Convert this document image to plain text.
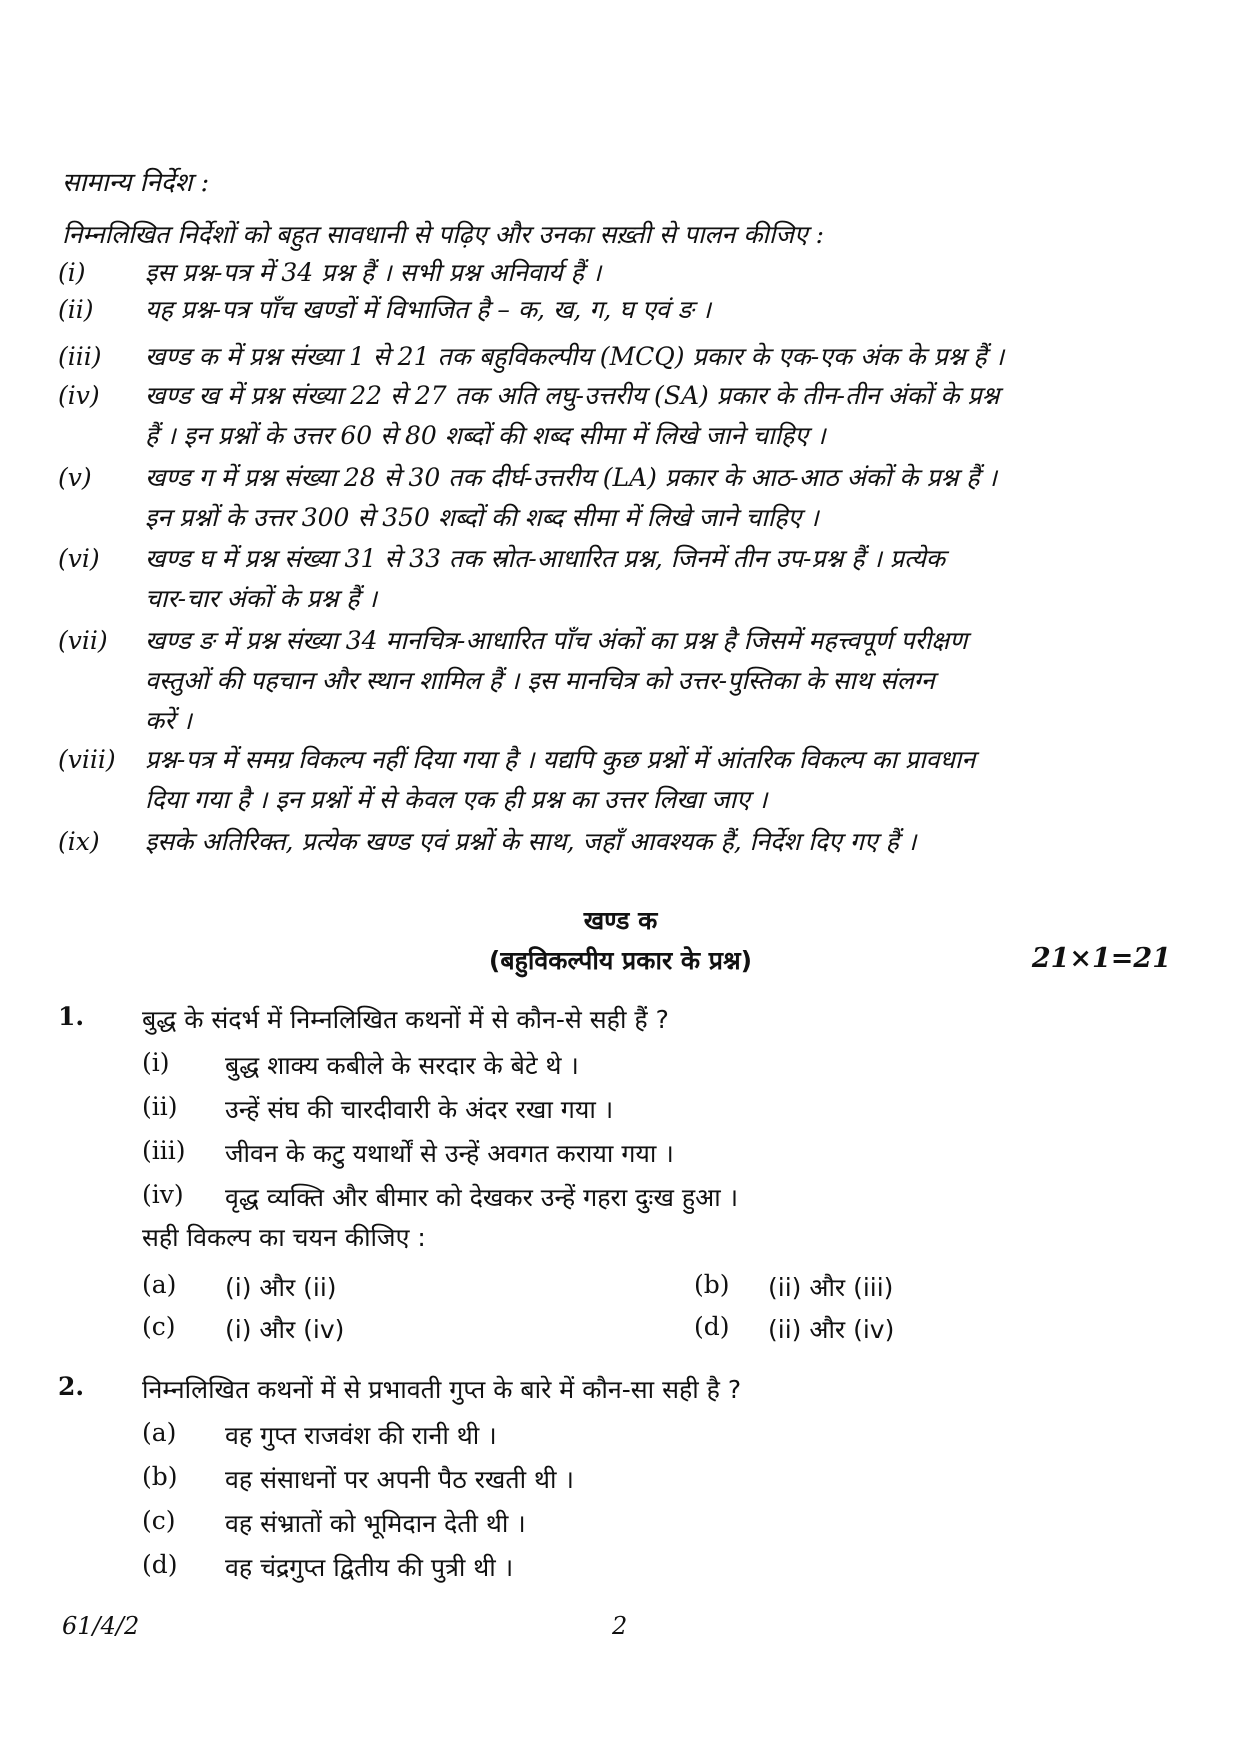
सामान्य निर्देश :
निम्नलिखित निर्देशों को बहुत सावधानी से पढ़िए और उनका सख़्ती से पालन कीजिए :
(i) इस प्रश्न-पत्र में 34 प्रश्न हैं । सभी प्रश्न अनिवार्य हैं ।
(ii) यह प्रश्न-पत्र पाँच खण्डों में विभाजित है – क, ख, ग, घ एवं ङ ।
(iii) खण्ड क में प्रश्न संख्या 1 से 21 तक बहुविकल्पीय (MCQ) प्रकार के एक-एक अंक के प्रश्न हैं ।
(iv) खण्ड ख में प्रश्न संख्या 22 से 27 तक अति लघु-उत्तरीय (SA) प्रकार के तीन-तीन अंकों के प्रश्न
हैं । इन प्रश्नों के उत्तर 60 से 80 शब्दों की शब्द सीमा में लिखे जाने चाहिए ।
(v) खण्ड ग में प्रश्न संख्या 28 से 30 तक दीर्घ-उत्तरीय (LA) प्रकार के आठ-आठ अंकों के प्रश्न हैं ।
इन प्रश्नों के उत्तर 300 से 350 शब्दों की शब्द सीमा में लिखे जाने चाहिए ।
(vi) खण्ड घ में प्रश्न संख्या 31 से 33 तक स्रोत-आधारित प्रश्न, जिनमें तीन उप-प्रश्न हैं । प्रत्येक
चार-चार अंकों के प्रश्न हैं ।
(vii) खण्ड ङ में प्रश्न संख्या 34 मानचित्र-आधारित पाँच अंकों का प्रश्न है जिसमें महत्त्वपूर्ण परीक्षण
वस्तुओं की पहचान और स्थान शामिल हैं । इस मानचित्र को उत्तर-पुस्तिका के साथ संलग्न
करें ।
(viii) प्रश्न-पत्र में समग्र विकल्प नहीं दिया गया है । यद्यपि कुछ प्रश्नों में आंतरिक विकल्प का प्रावधान
दिया गया है । इन प्रश्नों में से केवल एक ही प्रश्न का उत्तर लिखा जाए ।
(ix) इसके अतिरिक्त, प्रत्येक खण्ड एवं प्रश्नों के साथ, जहाँ आवश्यक हैं, निर्देश दिए गए हैं ।
खण्ड क
(बहुविकल्पीय प्रकार के प्रश्न)	21×1=21
1. बुद्ध के संदर्भ में निम्नलिखित कथनों में से कौन-से सही हैं ?
(i) बुद्ध शाक्य कबीले के सरदार के बेटे थे ।
(ii) उन्हें संघ की चारदीवारी के अंदर रखा गया ।
(iii) जीवन के कटु यथार्थों से उन्हें अवगत कराया गया ।
(iv) वृद्ध व्यक्ति और बीमार को देखकर उन्हें गहरा दुःख हुआ ।
सही विकल्प का चयन कीजिए :
(a) (i) और (ii)	(b) (ii) और (iii)
(c) (i) और (iv)	(d) (ii) और (iv)
2. निम्नलिखित कथनों में से प्रभावती गुप्त के बारे में कौन-सा सही है ?
(a) वह गुप्त राजवंश की रानी थी ।
(b) वह संसाधनों पर अपनी पैठ रखती थी ।
(c) वह संभ्रातों को भूमिदान देती थी ।
(d) वह चंद्रगुप्त द्वितीय की पुत्री थी ।
61/4/2	2
